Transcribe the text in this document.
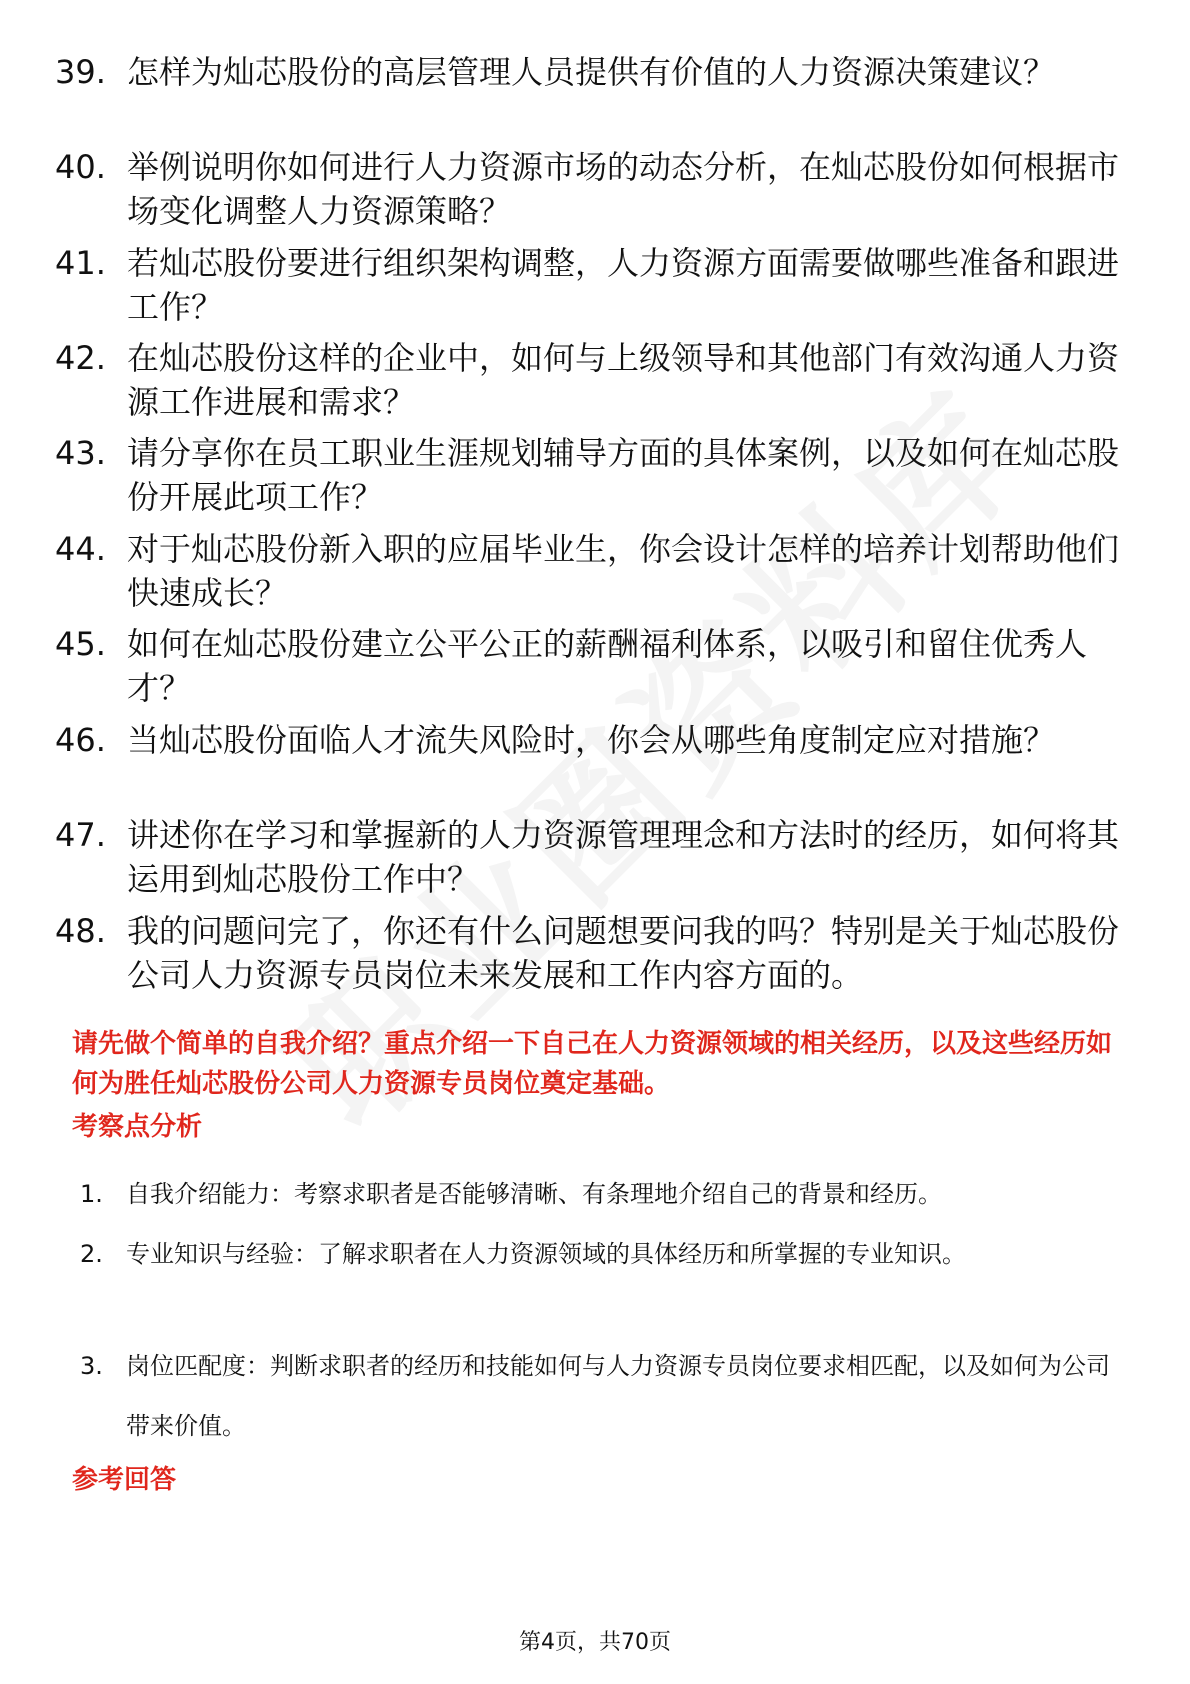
39. 怎样为灿芯股份的高层管理人员提供有价值的人力资源决策建议？
40. 举例说明你如何进行人力资源市场的动态分析，在灿芯股份如何根据市场变化调整人力资源策略？
41. 若灿芯股份要进行组织架构调整，人力资源方面需要做哪些准备和跟进工作？
42. 在灿芯股份这样的企业中，如何与上级领导和其他部门有效沟通人力资源工作进展和需求？
43. 请分享你在员工职业生涯规划辅导方面的具体案例，以及如何在灿芯股份开展此项工作？
44. 对于灿芯股份新入职的应届毕业生，你会设计怎样的培养计划帮助他们快速成长？
45. 如何在灿芯股份建立公平公正的薪酬福利体系，以吸引和留住优秀人才？
46. 当灿芯股份面临人才流失风险时，你会从哪些角度制定应对措施？
47. 讲述你在学习和掌握新的人力资源管理理念和方法时的经历，如何将其运用到灿芯股份工作中？
48. 我的问题问完了，你还有什么问题想要问我的吗？特别是关于灿芯股份公司人力资源专员岗位未来发展和工作内容方面的。
请先做个简单的自我介绍？重点介绍一下自己在人力资源领域的相关经历，以及这些经历如何为胜任灿芯股份公司人力资源专员岗位奠定基础。
考察点分析
1. 自我介绍能力：考察求职者是否能够清晰、有条理地介绍自己的背景和经历。
2. 专业知识与经验：了解求职者在人力资源领域的具体经历和所掌握的专业知识。
3. 岗位匹配度：判断求职者的经历和技能如何与人力资源专员岗位要求相匹配，以及如何为公司带来价值。
参考回答
第4页，共70页
